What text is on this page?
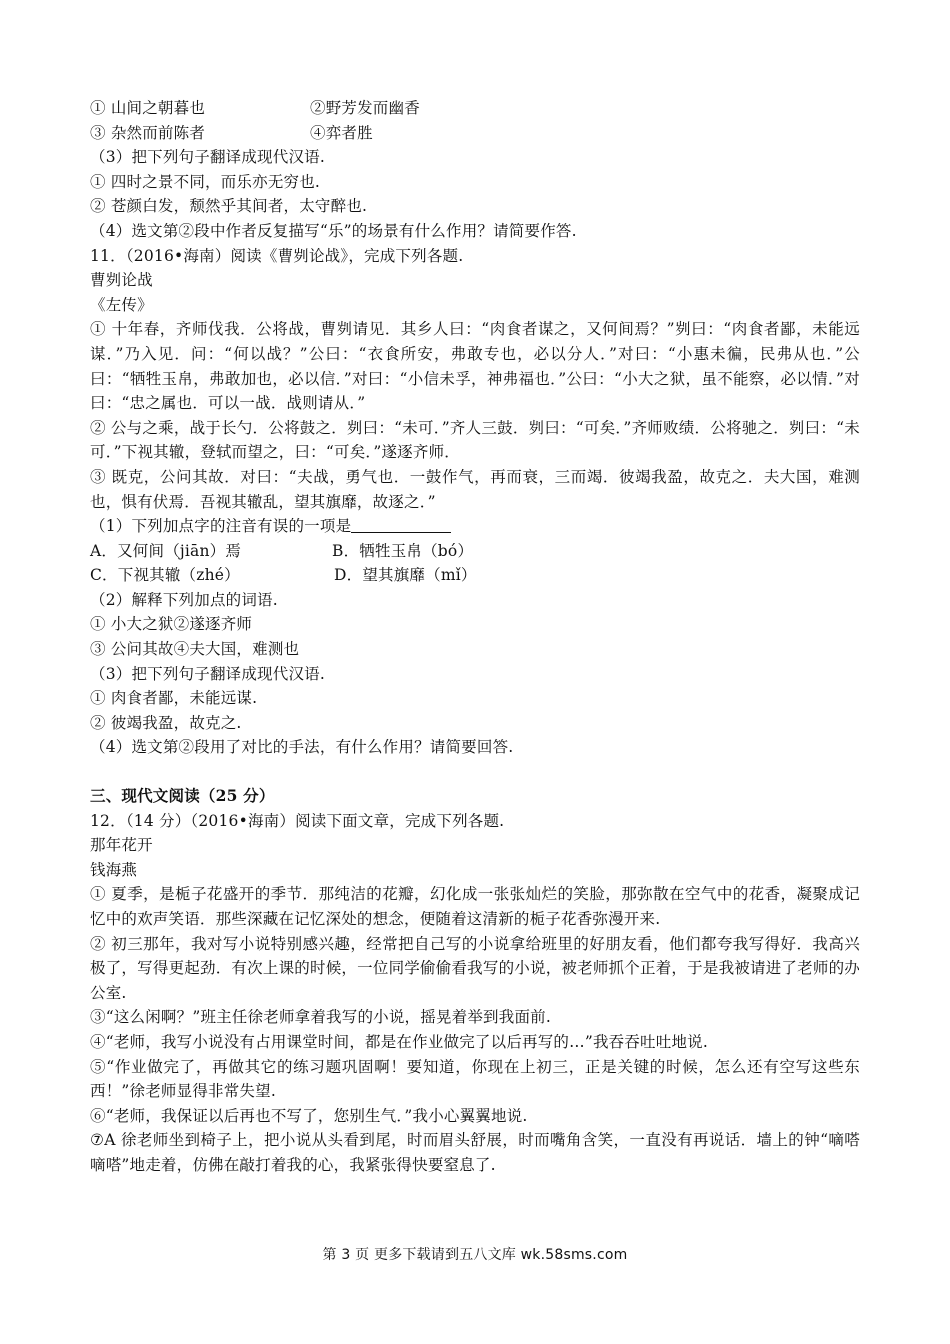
① 山间之朝暮也	②野芳发而幽香
③ 杂然而前陈者	④弈者胜
（3）把下列句子翻译成现代汉语.
① 四时之景不同，而乐亦无穷也.
② 苍颜白发，颓然乎其间者，太守醉也.
（4）选文第②段中作者反复描写“乐”的场景有什么作用？请简要作答.
11．（2016•海南）阅读《曹刿论战》，完成下列各题.
曹刿论战
《左传》
① 十年春，齐师伐我．公将战，曹刿请见．其乡人曰：“肉食者谋之，又何间焉？”刿曰：“肉食者鄙，未能远谋．”乃入见．问：“何以战？”公曰：“衣食所安，弗敢专也，必以分人．”对曰：“小惠未徧，民弗从也．”公曰：“牺牲玉帛，弗敢加也，必以信．”对曰：“小信未孚，神弗福也．”公曰：“小大之狱，虽不能察，必以情．”对曰：“忠之属也．可以一战．战则请从．”
② 公与之乘，战于长勺．公将鼓之．刿曰：“未可．”齐人三鼓．刿曰：“可矣．”齐师败绩．公将驰之．刿曰：“未可．”下视其辙，登轼而望之，曰：“可矣．”遂逐齐师．
③ 既克，公问其故．对曰：“夫战，勇气也．一鼓作气，再而衰，三而竭．彼竭我盈，故克之．夫大国，难测也，惧有伏焉．吾视其辙乱，望其旗靡，故逐之．”
（1）下列加点字的注音有误的一项是
A．又何间（jiān）焉	B．牺牲玉帛（bó）
C．下视其辙（zhé）	D．望其旗靡（mǐ）
（2）解释下列加点的词语.
① 小大之狱②遂逐齐师
③ 公问其故④夫大国，难测也
（3）把下列句子翻译成现代汉语.
① 肉食者鄙，未能远谋.
② 彼竭我盈，故克之.
（4）选文第②段用了对比的手法，有什么作用？请简要回答.
三、现代文阅读（25 分）
12．（14 分）（2016•海南）阅读下面文章，完成下列各题.
那年花开
钱海燕
① 夏季，是栀子花盛开的季节．那纯洁的花瓣，幻化成一张张灿烂的笑脸，那弥散在空气中的花香，凝聚成记忆中的欢声笑语．那些深藏在记忆深处的想念，便随着这清新的栀子花香弥漫开来.
② 初三那年，我对写小说特别感兴趣，经常把自己写的小说拿给班里的好朋友看，他们都夸我写得好．我高兴极了，写得更起劲．有次上课的时候，一位同学偷偷看我写的小说，被老师抓个正着，于是我被请进了老师的办公室.
③“这么闲啊？”班主任徐老师拿着我写的小说，摇晃着举到我面前.
④“老师，我写小说没有占用课堂时间，都是在作业做完了以后再写的…”我吞吞吐吐地说.
⑤“作业做完了，再做其它的练习题巩固啊！要知道，你现在上初三，正是关键的时候，怎么还有空写这些东西！”徐老师显得非常失望.
⑥“老师，我保证以后再也不写了，您别生气．”我小心翼翼地说.
⑦A 徐老师坐到椅子上，把小说从头看到尾，时而眉头舒展，时而嘴角含笑，一直没有再说话．墙上的钟“嘀嗒嘀嗒”地走着，仿佛在敲打着我的心，我紧张得快要窒息了.
第 3 页 更多下载请到五八文库 wk.58sms.com
